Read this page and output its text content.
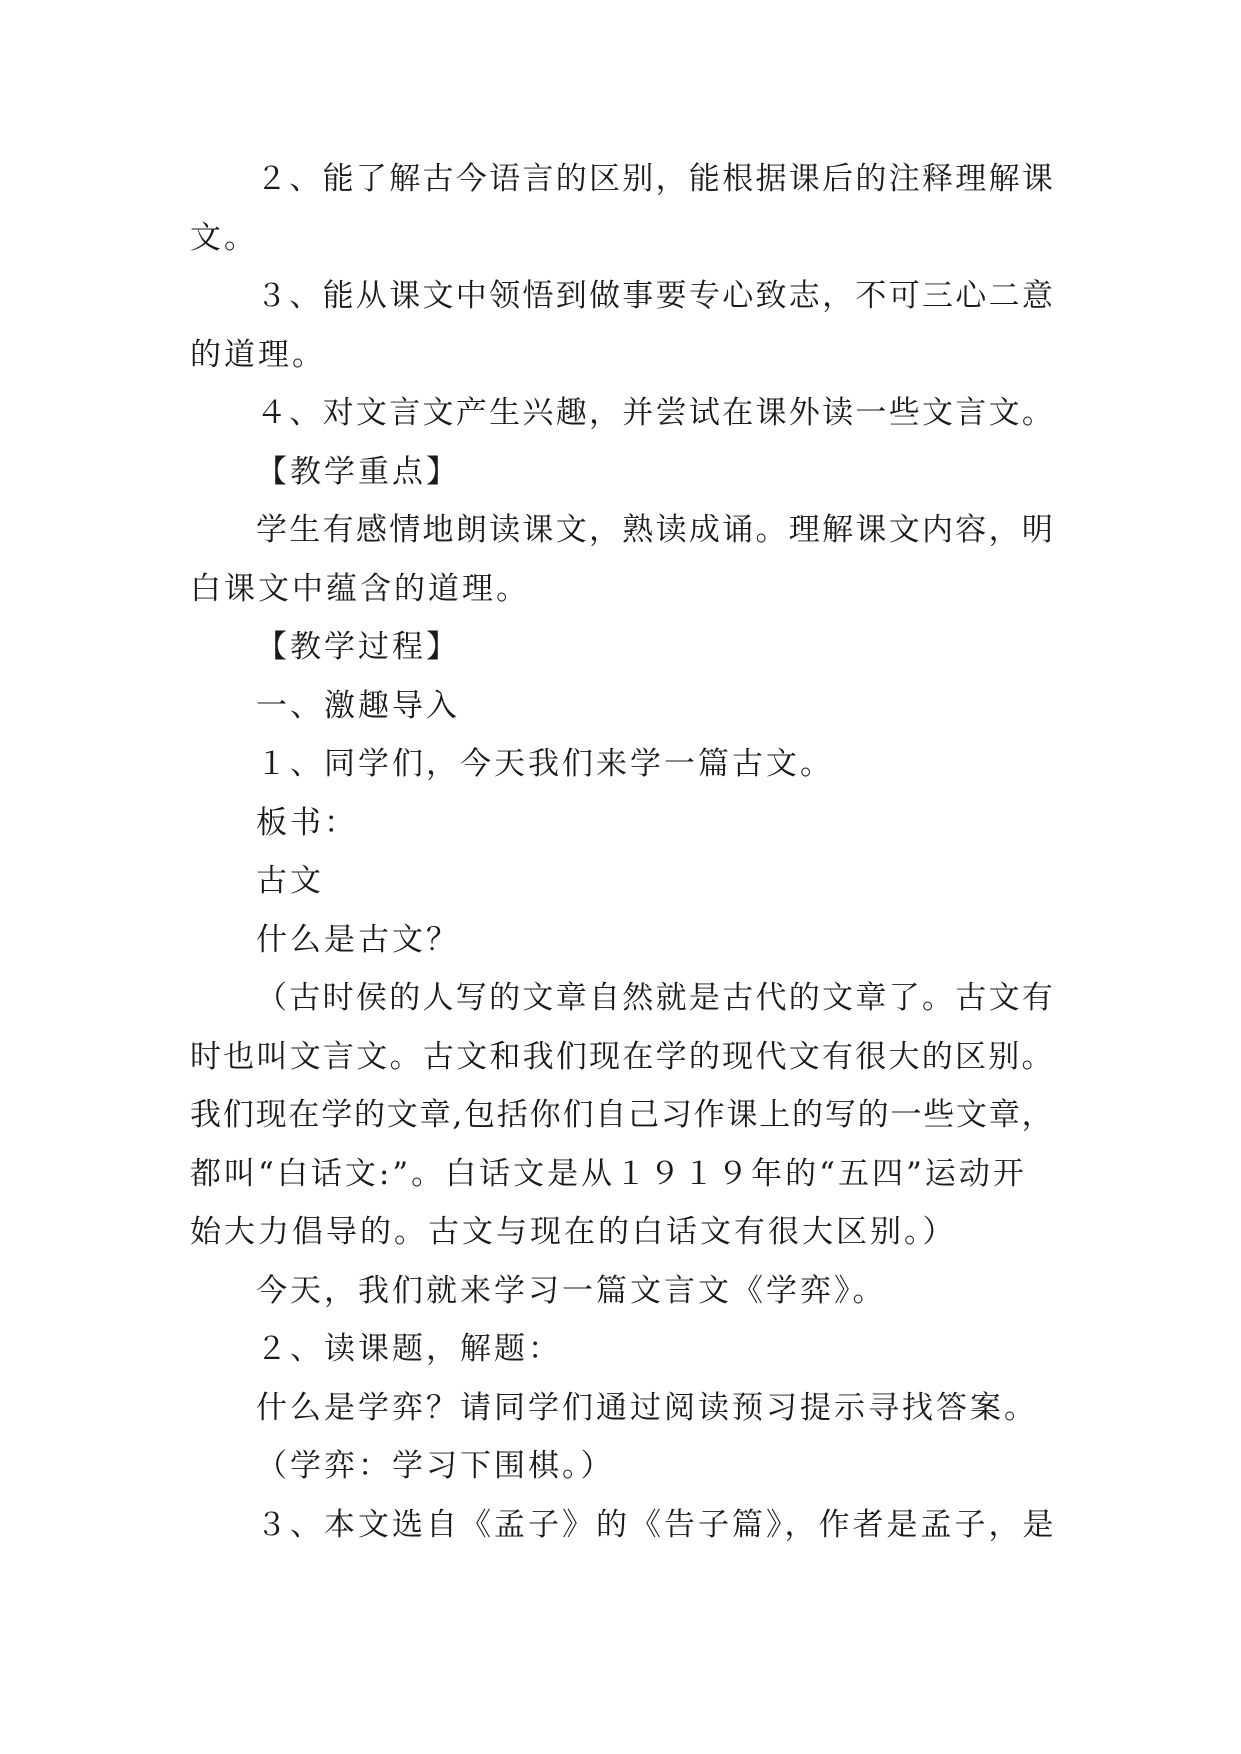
２、能了解古今语言的区别，能根据课后的注释理解课
文。
３、能从课文中领悟到做事要专心致志，不可三心二意
的道理。
４、对文言文产生兴趣，并尝试在课外读一些文言文。
【教学重点】
学生有感情地朗读课文，熟读成诵。理解课文内容，明
白课文中蕴含的道理。
【教学过程】
一、激趣导入
１、同学们，今天我们来学一篇古文。
板书：
古文
什么是古文？
（古时侯的人写的文章自然就是古代的文章了。古文有
时也叫文言文。古文和我们现在学的现代文有很大的区别。
我们现在学的文章,包括你们自己习作课上的写的一些文章，
都叫“白话文:”。白话文是从１９１９年的“五四”运动开
始大力倡导的。古文与现在的白话文有很大区别。）
今天，我们就来学习一篇文言文《学弈》。
２、读课题，解题：
什么是学弈？请同学们通过阅读预习提示寻找答案。
（学弈：学习下围棋。）
３、本文选自《孟子》的《告子篇》，作者是孟子，是
